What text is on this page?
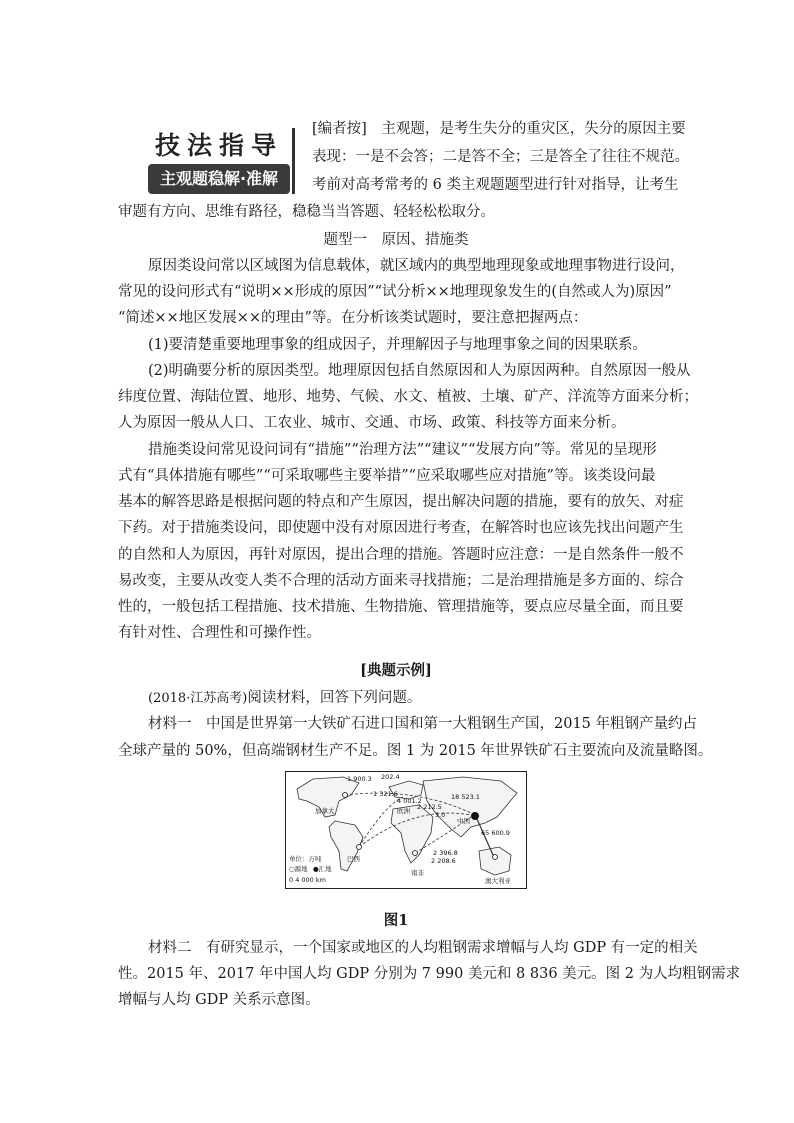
技法指导
主观题稳解·准解
[编者按]　主观题，是考生失分的重灾区，失分的原因主要
表现：一是不会答；二是答不全；三是答全了往往不规范。
考前对高考常考的 6 类主观题题型进行针对指导，让考生
审题有方向、思维有路径，稳稳当当答题、轻轻松松取分。
题型一　原因、措施类
原因类设问常以区域图为信息载体，就区域内的典型地理现象或地理事物进行设问，
常见的设问形式有“说明××形成的原因”“试分析××地理现象发生的(自然或人为)原因”
“简述××地区发展××的理由”等。在分析该类试题时，要注意把握两点：
(1)要清楚重要地理事象的组成因子，并理解因子与地理事象之间的因果联系。
(2)明确要分析的原因类型。地理原因包括自然原因和人为原因两种。自然原因一般从
纬度位置、海陆位置、地形、地势、气候、水文、植被、土壤、矿产、洋流等方面来分析；
人为原因一般从人口、工农业、城市、交通、市场、政策、科技等方面来分析。
措施类设问常见设问词有“措施”“治理方法”“建议”“发展方向”等。常见的呈现形
式有“具体措施有哪些”“可采取哪些主要举措”“应采取哪些应对措施”等。该类设问最
基本的解答思路是根据问题的特点和产生原因，提出解决问题的措施，要有的放矢、对症
下药。对于措施类设问，即使题中没有对原因进行考查，在解答时也应该先找出问题产生
的自然和人为原因，再针对原因，提出合理的措施。答题时应注意：一是自然条件一般不
易改变，主要从改变人类不合理的活动方面来寻找措施；二是治理措施是多方面的、综合
性的，一般包括工程措施、技术措施、生物措施、管理措施等，要点应尽量全面，而且要
有针对性、合理性和可操作性。
[典题示例]
(2018·江苏高考)阅读材料，回答下列问题。
材料一　中国是世界第一大铁矿石进口国和第一大粗钢生产国，2015 年粗钢产量约占
全球产量的 50%，但高端钢材生产不足。图 1 为 2015 年世界铁矿石主要流向及流量略图。
1 900.3 202.4
1 321.6
4 001.2	18 523.1
2 212.5
3.0
65 600.9
2 396.8
2 208.6
加拿大	欧洲
中国
巴西
南非
澳大利亚
单位：万吨
○源地 ●汇地
0 4 000 km
图1
材料二　有研究显示，一个国家或地区的人均粗钢需求增幅与人均 GDP 有一定的相关
性。2015 年、2017 年中国人均 GDP 分别为 7 990 美元和 8 836 美元。图 2 为人均粗钢需求
增幅与人均 GDP 关系示意图。
